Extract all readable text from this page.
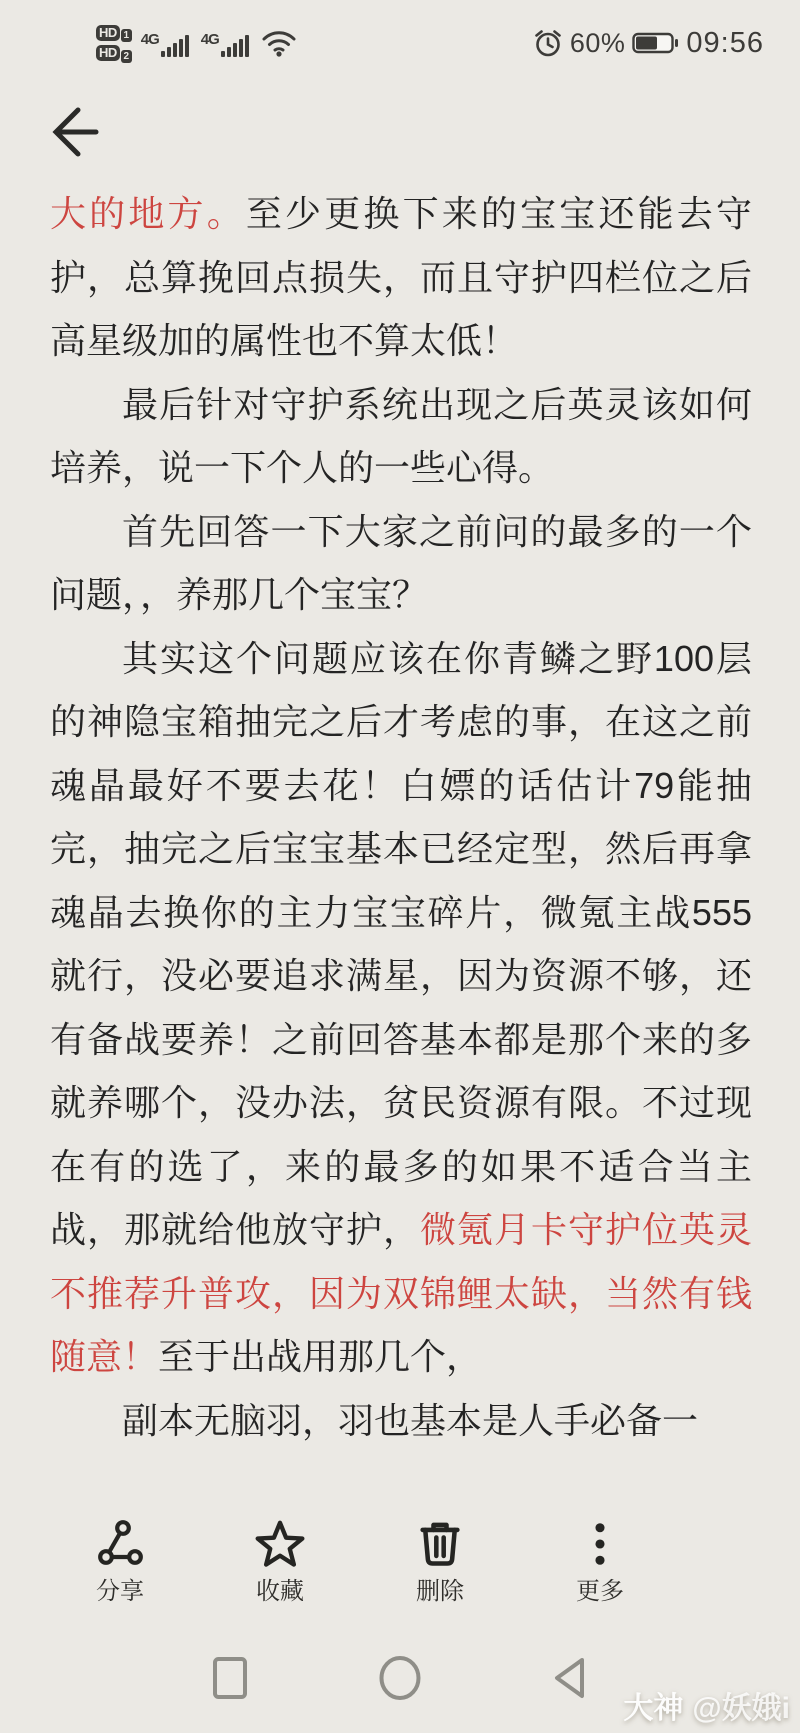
HD 1
HD 2
4G	4G	60% 09:56

大的地方。至少更换下来的宝宝还能去守护，总算挽回点损失，而且守护四栏位之后高星级加的属性也不算太低！

最后针对守护系统出现之后英灵该如何培养，说一下个人的一些心得。

首先回答一下大家之前问的最多的一个问题，，养那几个宝宝？

其实这个问题应该在你青鳞之野100层的神隐宝箱抽完之后才考虑的事，在这之前魂晶最好不要去花！白嫖的话估计79能抽完，抽完之后宝宝基本已经定型，然后再拿魂晶去换你的主力宝宝碎片，微氪主战555就行，没必要追求满星，因为资源不够，还有备战要养！之前回答基本都是那个来的多就养哪个，没办法，贫民资源有限。不过现在有的选了，来的最多的如果不适合当主战，那就给他放守护，微氪月卡守护位英灵不推荐升普攻，因为双锦鲤太缺，当然有钱随意！至于出战用那几个，

副本无脑羽，羽也基本是人手必备一

分享	收藏	删除	更多
大神 @妖娥i
